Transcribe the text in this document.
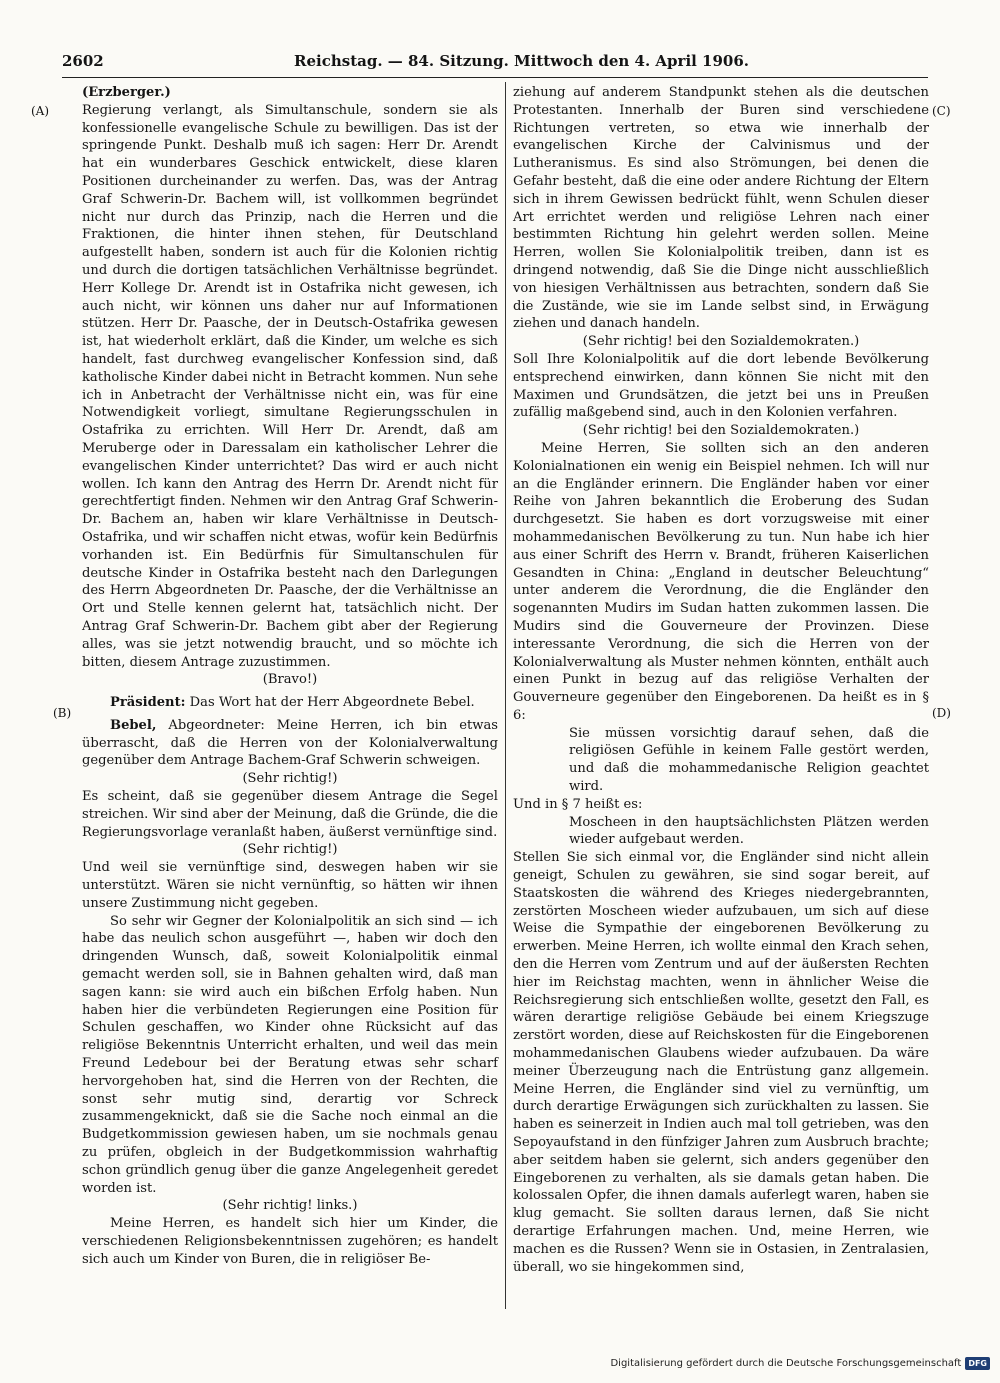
2602	Reichstag. — 84. Sitzung. Mittwoch den 4. April 1906.
(A)
(B)
(C)
(D)

(Erzberger.)

Regierung verlangt, als Simultanschule, sondern sie als konfessionelle evangelische Schule zu bewilligen. Das ist der springende Punkt. Deshalb muß ich sagen: Herr Dr. Arendt hat ein wunderbares Geschick entwickelt, diese klaren Positionen durcheinander zu werfen. Das, was der Antrag Graf Schwerin-Dr. Bachem will, ist vollkommen begründet nicht nur durch das Prinzip, nach die Herren und die Fraktionen, die hinter ihnen stehen, für Deutschland aufgestellt haben, sondern ist auch für die Kolonien richtig und durch die dortigen tatsächlichen Verhältnisse begründet. Herr Kollege Dr. Arendt ist in Ostafrika nicht gewesen, ich auch nicht, wir können uns daher nur auf Informationen stützen. Herr Dr. Paasche, der in Deutsch-Ostafrika gewesen ist, hat wiederholt erklärt, daß die Kinder, um welche es sich handelt, fast durchweg evangelischer Konfession sind, daß katholische Kinder dabei nicht in Betracht kommen. Nun sehe ich in Anbetracht der Verhältnisse nicht ein, was für eine Notwendigkeit vorliegt, simultane Regierungsschulen in Ostafrika zu errichten. Will Herr Dr. Arendt, daß am Meruberge oder in Daressalam ein katholischer Lehrer die evangelischen Kinder unterrichtet? Das wird er auch nicht wollen. Ich kann den Antrag des Herrn Dr. Arendt nicht für gerechtfertigt finden. Nehmen wir den Antrag Graf Schwerin-Dr. Bachem an, haben wir klare Verhältnisse in Deutsch-Ostafrika, und wir schaffen nicht etwas, wofür kein Bedürfnis vorhanden ist. Ein Bedürfnis für Simultanschulen für deutsche Kinder in Ostafrika besteht nach den Darlegungen des Herrn Abgeordneten Dr. Paasche, der die Verhältnisse an Ort und Stelle kennen gelernt hat, tatsächlich nicht. Der Antrag Graf Schwerin-Dr. Bachem gibt aber der Regierung alles, was sie jetzt notwendig braucht, und so möchte ich bitten, diesem Antrage zuzustimmen.

(Bravo!)

Präsident: Das Wort hat der Herr Abgeordnete Bebel.

Bebel, Abgeordneter: Meine Herren, ich bin etwas überrascht, daß die Herren von der Kolonialverwaltung gegenüber dem Antrage Bachem-Graf Schwerin schweigen.

(Sehr richtig!)

Es scheint, daß sie gegenüber diesem Antrage die Segel streichen. Wir sind aber der Meinung, daß die Gründe, die die Regierungsvorlage veranlaßt haben, äußerst vernünftige sind.

(Sehr richtig!)

Und weil sie vernünftige sind, deswegen haben wir sie unterstützt. Wären sie nicht vernünftig, so hätten wir ihnen unsere Zustimmung nicht gegeben.

So sehr wir Gegner der Kolonialpolitik an sich sind — ich habe das neulich schon ausgeführt —, haben wir doch den dringenden Wunsch, daß, soweit Kolonialpolitik einmal gemacht werden soll, sie in Bahnen gehalten wird, daß man sagen kann: sie wird auch ein bißchen Erfolg haben. Nun haben hier die verbündeten Regierungen eine Position für Schulen geschaffen, wo Kinder ohne Rücksicht auf das religiöse Bekenntnis Unterricht erhalten, und weil das mein Freund Ledebour bei der Beratung etwas sehr scharf hervorgehoben hat, sind die Herren von der Rechten, die sonst sehr mutig sind, derartig vor Schreck zusammengeknickt, daß sie die Sache noch einmal an die Budgetkommission gewiesen haben, um sie nochmals genau zu prüfen, obgleich in der Budgetkommission wahrhaftig schon gründlich genug über die ganze Angelegenheit geredet worden ist.

(Sehr richtig! links.)

Meine Herren, es handelt sich hier um Kinder, die verschiedenen Religionsbekenntnissen zugehören; es handelt sich auch um Kinder von Buren, die in religiöser Be-

ziehung auf anderem Standpunkt stehen als die deutschen Protestanten. Innerhalb der Buren sind verschiedene Richtungen vertreten, so etwa wie innerhalb der evangelischen Kirche der Calvinismus und der Lutheranismus. Es sind also Strömungen, bei denen die Gefahr besteht, daß die eine oder andere Richtung der Eltern sich in ihrem Gewissen bedrückt fühlt, wenn Schulen dieser Art errichtet werden und religiöse Lehren nach einer bestimmten Richtung hin gelehrt werden sollen. Meine Herren, wollen Sie Kolonialpolitik treiben, dann ist es dringend notwendig, daß Sie die Dinge nicht ausschließlich von hiesigen Verhältnissen aus betrachten, sondern daß Sie die Zustände, wie sie im Lande selbst sind, in Erwägung ziehen und danach handeln.

(Sehr richtig! bei den Sozialdemokraten.)

Soll Ihre Kolonialpolitik auf die dort lebende Bevölkerung entsprechend einwirken, dann können Sie nicht mit den Maximen und Grundsätzen, die jetzt bei uns in Preußen zufällig maßgebend sind, auch in den Kolonien verfahren.

(Sehr richtig! bei den Sozialdemokraten.)

Meine Herren, Sie sollten sich an den anderen Kolonialnationen ein wenig ein Beispiel nehmen. Ich will nur an die Engländer erinnern. Die Engländer haben vor einer Reihe von Jahren bekanntlich die Eroberung des Sudan durchgesetzt. Sie haben es dort vorzugsweise mit einer mohammedanischen Bevölkerung zu tun. Nun habe ich hier aus einer Schrift des Herrn v. Brandt, früheren Kaiserlichen Gesandten in China: „England in deutscher Beleuchtung“ unter anderem die Verordnung, die die Engländer den sogenannten Mudirs im Sudan hatten zukommen lassen. Die Mudirs sind die Gouverneure der Provinzen. Diese interessante Verordnung, die sich die Herren von der Kolonialverwaltung als Muster nehmen könnten, enthält auch einen Punkt in bezug auf das religiöse Verhalten der Gouverneure gegenüber den Eingeborenen. Da heißt es in § 6:

Sie müssen vorsichtig darauf sehen, daß die religiösen Gefühle in keinem Falle gestört werden, und daß die mohammedanische Religion geachtet wird.

Und in § 7 heißt es:

Moscheen in den hauptsächlichsten Plätzen werden wieder aufgebaut werden.

Stellen Sie sich einmal vor, die Engländer sind nicht allein geneigt, Schulen zu gewähren, sie sind sogar bereit, auf Staatskosten die während des Krieges niedergebrannten, zerstörten Moscheen wieder aufzubauen, um sich auf diese Weise die Sympathie der eingeborenen Bevölkerung zu erwerben. Meine Herren, ich wollte einmal den Krach sehen, den die Herren vom Zentrum und auf der äußersten Rechten hier im Reichstag machten, wenn in ähnlicher Weise die Reichsregierung sich entschließen wollte, gesetzt den Fall, es wären derartige religiöse Gebäude bei einem Kriegszuge zerstört worden, diese auf Reichskosten für die Eingeborenen mohammedanischen Glaubens wieder aufzubauen. Da wäre meiner Überzeugung nach die Entrüstung ganz allgemein. Meine Herren, die Engländer sind viel zu vernünftig, um durch derartige Erwägungen sich zurückhalten zu lassen. Sie haben es seinerzeit in Indien auch mal toll getrieben, was den Sepoyaufstand in den fünfziger Jahren zum Ausbruch brachte; aber seitdem haben sie gelernt, sich anders gegenüber den Eingeborenen zu verhalten, als sie damals getan haben. Die kolossalen Opfer, die ihnen damals auferlegt waren, haben sie klug gemacht. Sie sollten daraus lernen, daß Sie nicht derartige Erfahrungen machen. Und, meine Herren, wie machen es die Russen? Wenn sie in Ostasien, in Zentralasien, überall, wo sie hingekommen sind,

Digitalisierung gefördert durch die Deutsche Forschungsgemeinschaft DFG
